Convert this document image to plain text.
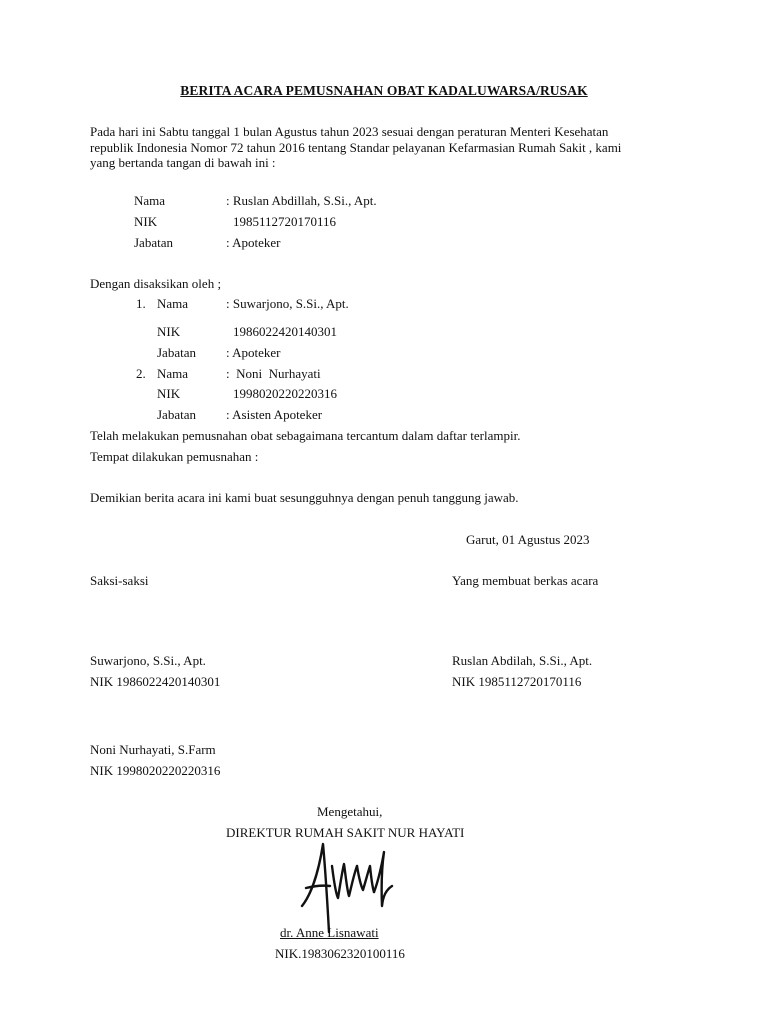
BERITA ACARA PEMUSNAHAN OBAT KADALUWARSA/RUSAK
Pada hari ini Sabtu tanggal 1 bulan Agustus tahun 2023 sesuai dengan peraturan Menteri Kesehatan
republik Indonesia Nomor 72 tahun 2016 tentang Standar pelayanan Kefarmasian Rumah Sakit , kami
yang bertanda tangan di bawah ini :
Nama	: Ruslan Abdillah, S.Si., Apt.
NIK	1985112720170116
Jabatan	: Apoteker
Dengan disaksikan oleh ;
1. Nama	: Suwarjono, S.Si., Apt.
NIK	1986022420140301
Jabatan : Apoteker
2. Nama	:  Noni  Nurhayati
NIK	1998020220220316
Jabatan : Asisten Apoteker
Telah melakukan pemusnahan obat sebagaimana tercantum dalam daftar terlampir.
Tempat dilakukan pemusnahan :
Demikian berita acara ini kami buat sesungguhnya dengan penuh tanggung jawab.
Garut, 01 Agustus 2023
Saksi-saksi	Yang membuat berkas acara
Suwarjono, S.Si., Apt.
NIK 1986022420140301
Ruslan Abdilah, S.Si., Apt.
NIK 1985112720170116
Noni Nurhayati, S.Farm
NIK 1998020220220316
Mengetahui,
DIREKTUR RUMAH SAKIT NUR HAYATI
dr. Anne Lisnawati
NIK.1983062320100116
